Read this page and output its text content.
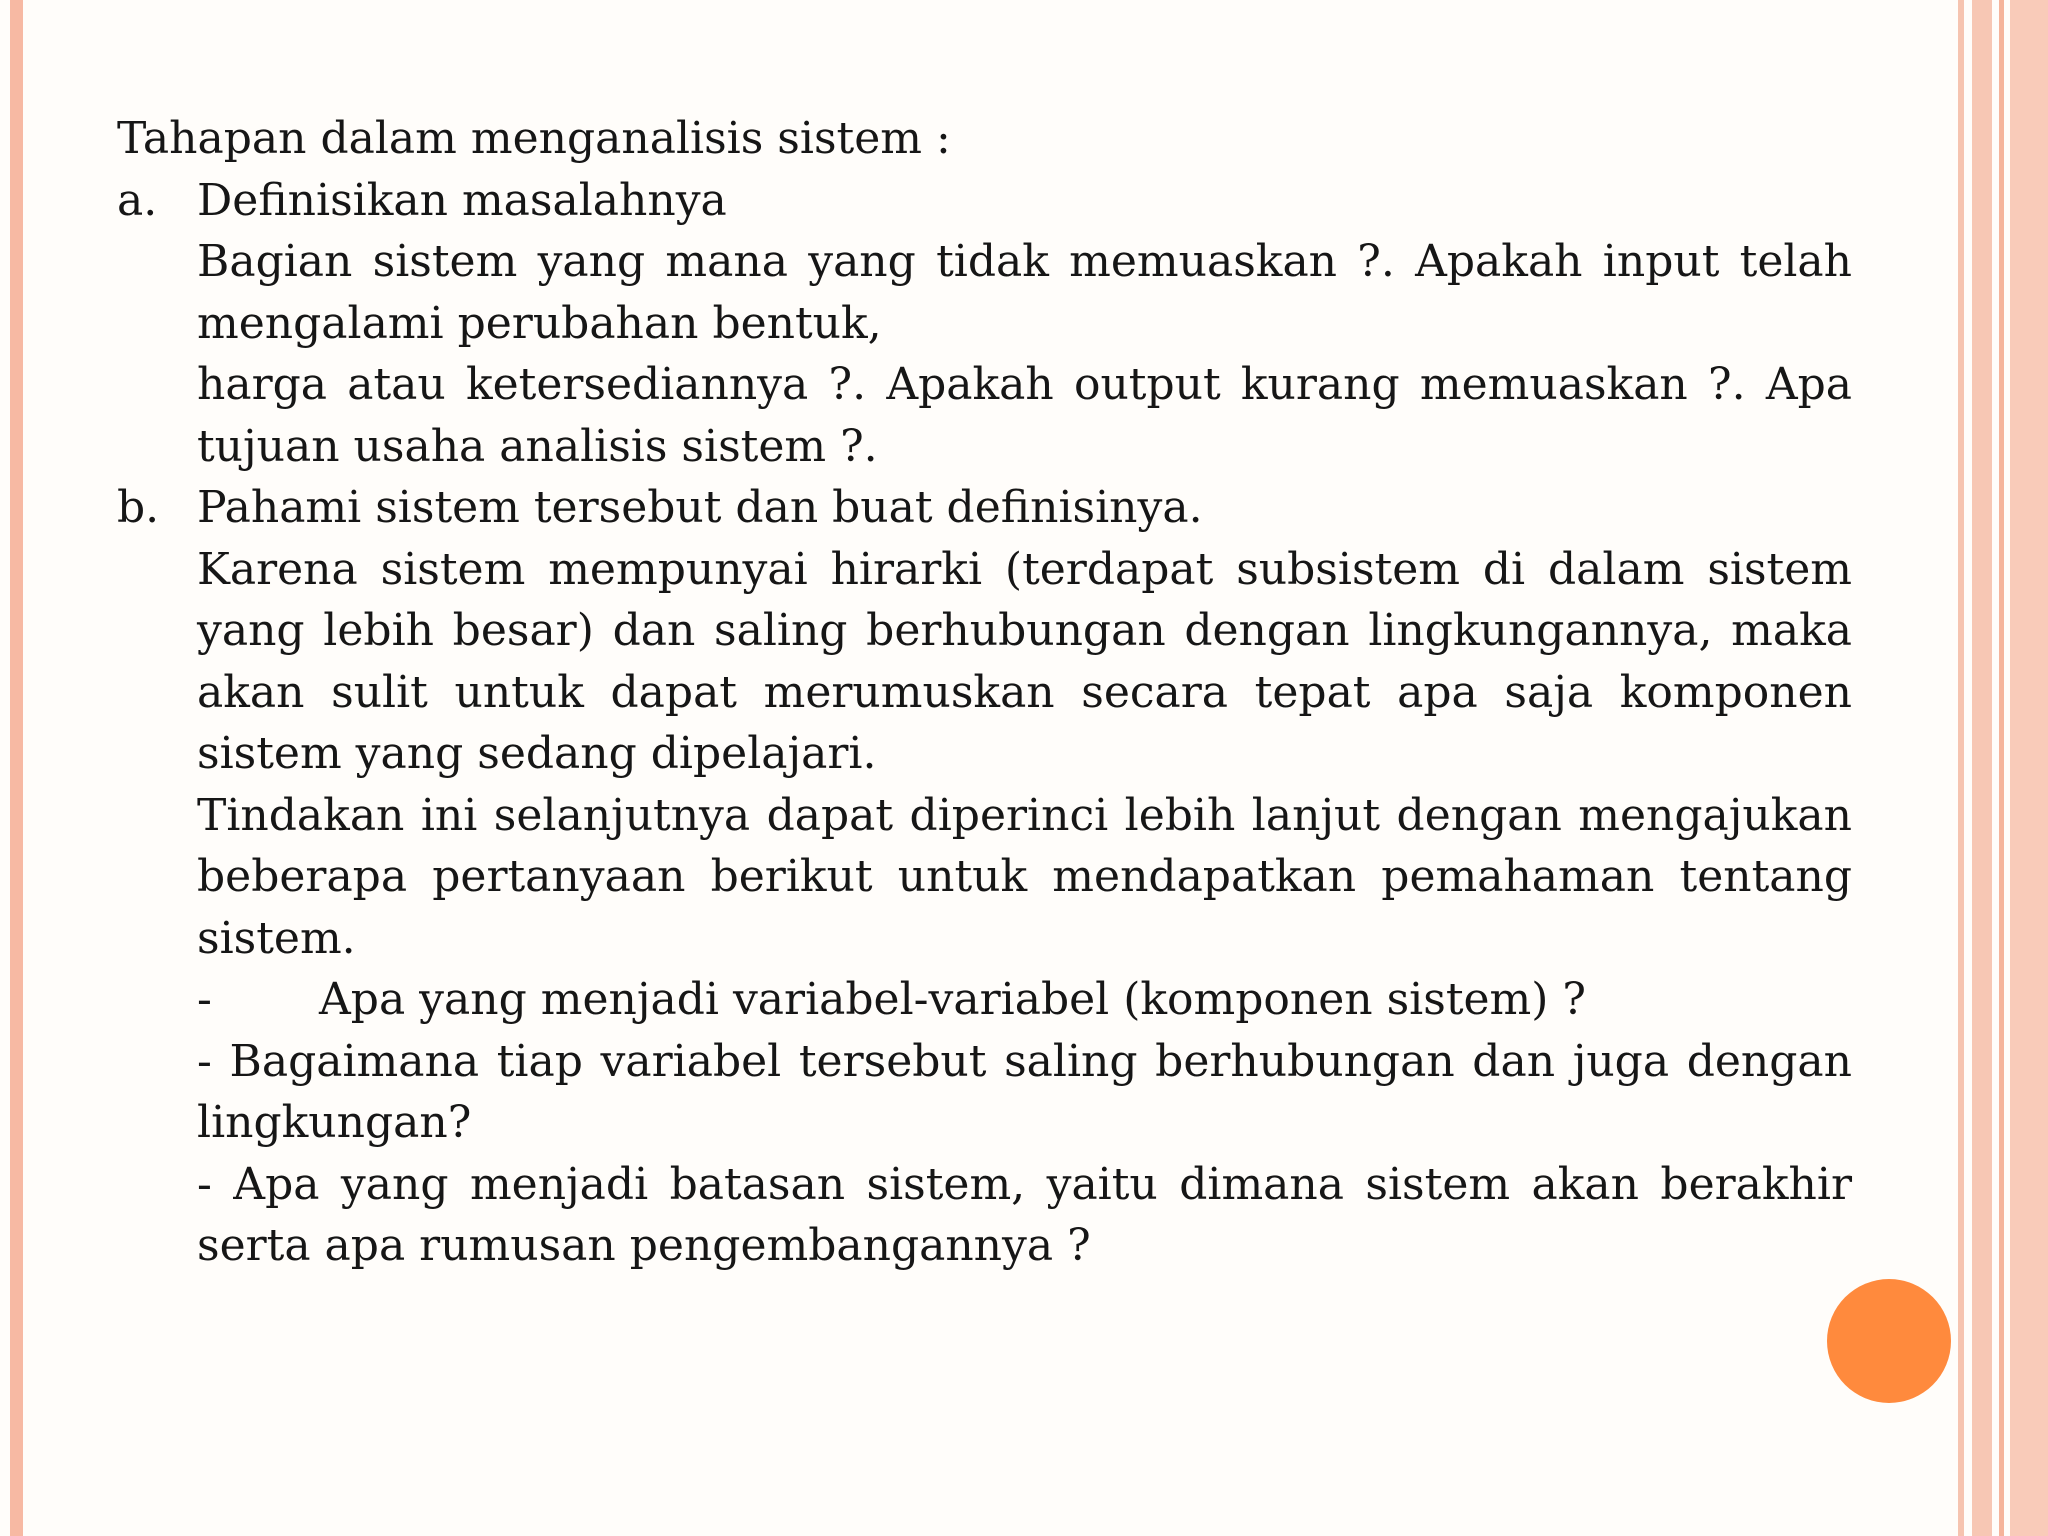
Tahapan dalam menganalisis sistem :
a. Definisikan masalahnya

Bagian sistem yang mana yang tidak memuaskan ?. Apakah input telah mengalami perubahan bentuk,

harga atau ketersediannya ?. Apakah output kurang memuaskan ?. Apa tujuan usaha analisis sistem ?.

b. Pahami sistem tersebut dan buat definisinya.

Karena sistem mempunyai hirarki (terdapat subsistem di dalam sistem yang lebih besar) dan saling berhubungan dengan lingkungannya, maka akan sulit untuk dapat merumuskan secara tepat apa saja komponen sistem yang sedang dipelajari.

Tindakan ini selanjutnya dapat diperinci lebih lanjut dengan mengajukan beberapa pertanyaan berikut untuk mendapatkan pemahaman tentang sistem.

- Apa yang menjadi variabel-variabel (komponen sistem) ?

- Bagaimana tiap variabel tersebut saling berhubungan dan juga dengan lingkungan?

- Apa yang menjadi batasan sistem, yaitu dimana sistem akan berakhir serta apa rumusan pengembangannya ?
